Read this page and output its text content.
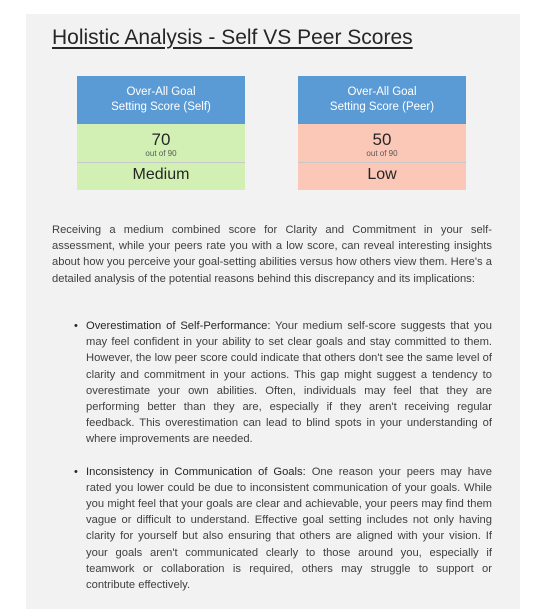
Holistic Analysis - Self VS Peer Scores
Over-All Goal
Setting Score (Self)
70
out of 90
Medium
Over-All Goal
Setting Score (Peer)
50
out of 90
Low

Receiving a medium combined score for Clarity and Commitment in your self-assessment, while your peers rate you with a low score, can reveal interesting insights about how you perceive your goal-setting abilities versus how others view them. Here's a detailed analysis of the potential reasons behind this discrepancy and its implications:

• Overestimation of Self-Performance: Your medium self-score suggests that you may feel confident in your ability to set clear goals and stay committed to them. However, the low peer score could indicate that others don't see the same level of clarity and commitment in your actions. This gap might suggest a tendency to overestimate your own abilities. Often, individuals may feel that they are performing better than they are, especially if they aren't receiving regular feedback. This overestimation can lead to blind spots in your understanding of where improvements are needed.

• Inconsistency in Communication of Goals: One reason your peers may have rated you lower could be due to inconsistent communication of your goals. While you might feel that your goals are clear and achievable, your peers may find them vague or difficult to understand. Effective goal setting includes not only having clarity for yourself but also ensuring that others are aligned with your vision. If your goals aren't communicated clearly to those around you, especially if teamwork or collaboration is required, others may struggle to support or contribute effectively.
